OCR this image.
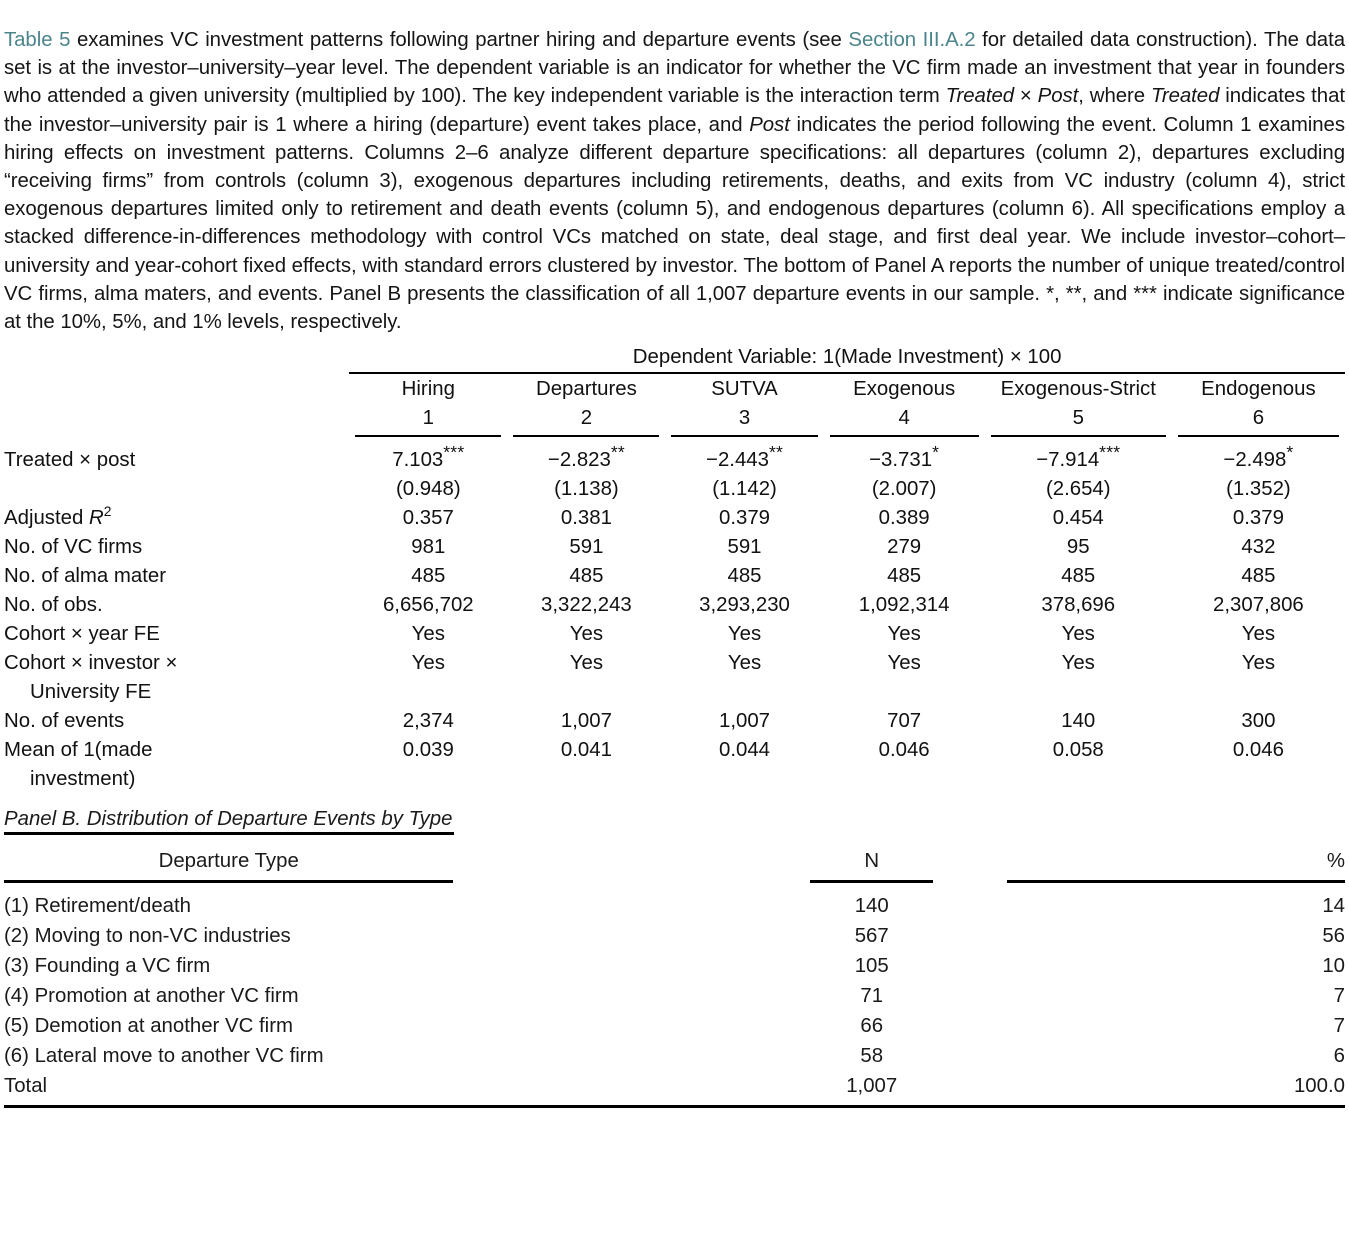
Table 5 examines VC investment patterns following partner hiring and departure events (see Section III.A.2 for detailed data construction). The data set is at the investor–university–year level. The dependent variable is an indicator for whether the VC firm made an investment that year in founders who attended a given university (multiplied by 100). The key independent variable is the interaction term Treated × Post, where Treated indicates that the investor–university pair is 1 where a hiring (departure) event takes place, and Post indicates the period following the event. Column 1 examines hiring effects on investment patterns. Columns 2–6 analyze different departure specifications: all departures (column 2), departures excluding “receiving firms” from controls (column 3), exogenous departures including retirements, deaths, and exits from VC industry (column 4), strict exogenous departures limited only to retirement and death events (column 5), and endogenous departures (column 6). All specifications employ a stacked difference-in-differences methodology with control VCs matched on state, deal stage, and first deal year. We include investor–cohort–university and year-cohort fixed effects, with standard errors clustered by investor. The bottom of Panel A reports the number of unique treated/control VC firms, alma maters, and events. Panel B presents the classification of all 1,007 departure events in our sample. *, **, and *** indicate significance at the 10%, 5%, and 1% levels, respectively.

	Dependent Variable: 1(Made Investment) × 100					

	Hiring	Departures	SUTVA	Exogenous	Exogenous-Strict	Endogenous
	1	2	3	4	5	6

Treated × post	7.103***	−2.823**	−2.443**	−3.731*	−7.914***	−2.498*
	(0.948)	(1.138)	(1.142)	(2.007)	(2.654)	(1.352)
Adjusted $R^2$	0.357	0.381	0.379	0.389	0.454	0.379
No. of VC firms	981	591	591	279	95	432
No. of alma mater	485	485	485	485	485	485
No. of obs.	6,656,702	3,322,243	3,293,230	1,092,314	378,696	2,307,806
Cohort × year FE	Yes	Yes	Yes	Yes	Yes	Yes
Cohort × investor ×	Yes	Yes	Yes	Yes	Yes	Yes
University FE						
No. of events	2,374	1,007	1,007	707	140	300
Mean of 1(made	0.039	0.041	0.044	0.046	0.058	0.046
investment)						
Panel B. Distribution of Departure Events by Type
Departure Type		N	%

(1) Retirement/death		140	14
(2) Moving to non-VC industries		567	56
(3) Founding a VC firm		105	10
(4) Promotion at another VC firm		71	7
(5) Demotion at another VC firm		66	7
(6) Lateral move to another VC firm		58	6
Total		1,007	100.0
